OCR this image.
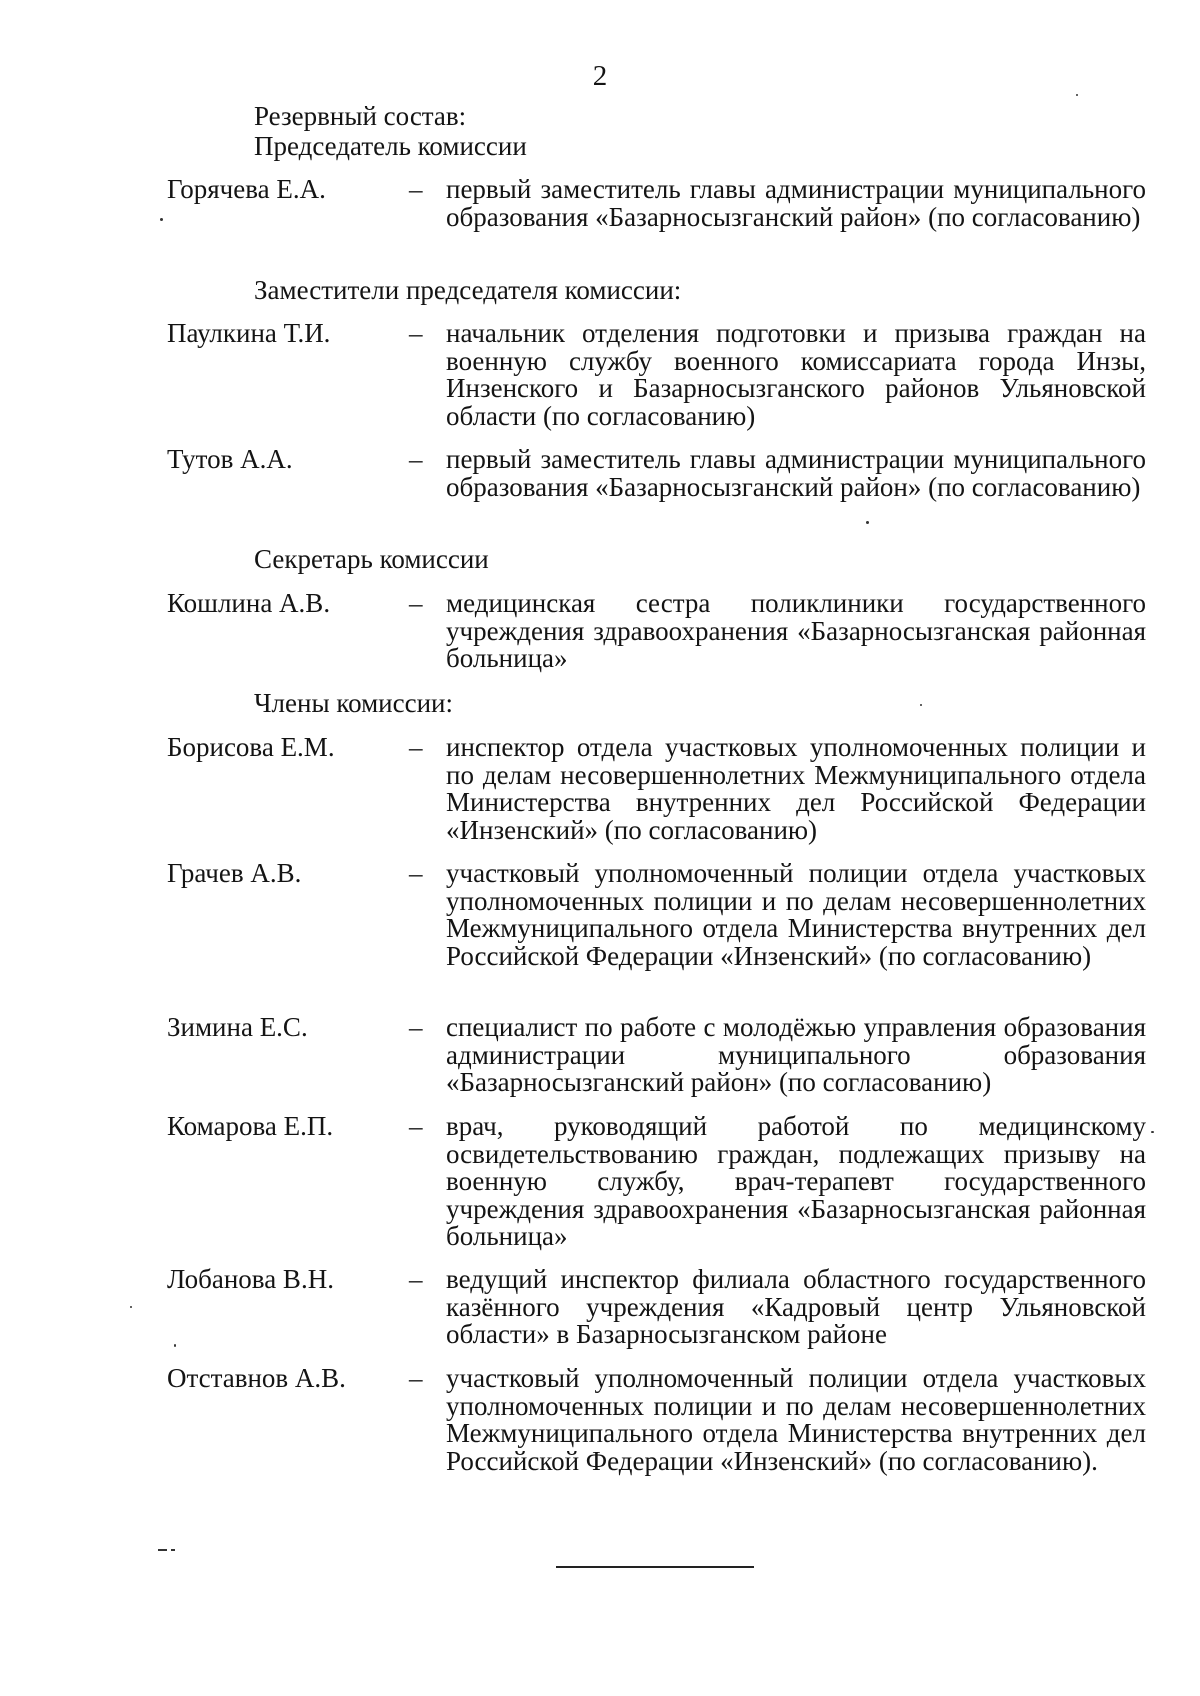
2
Резервный состав:
Председатель комиссии
Горячева Е.А.	– первый заместитель главы администрации муниципального образования «Базарносызганский район» (по согласованию)
Заместители председателя комиссии:
Паулкина Т.И.	– начальник отделения подготовки и призыва граждан на военную службу военного комиссариата города Инзы, Инзенского и Базарносызганского районов Ульяновской области (по согласованию)
Тутов А.А.	– первый заместитель главы администрации муниципального образования «Базарносызганский район» (по согласованию)
Секретарь комиссии
Кошлина А.В.	– медицинская сестра поликлиники государственного учреждения здравоохранения «Базарносызганская районная больница»
Члены комиссии:
Борисова Е.М.	– инспектор отдела участковых уполномоченных полиции и по делам несовершеннолетних Межмуниципального отдела Министерства внутренних дел Российской Федерации «Инзенский» (по согласованию)
Грачев А.В.	– участковый уполномоченный полиции отдела участковых уполномоченных полиции и по делам несовершеннолетних Межмуниципального отдела Министерства внутренних дел Российской Федерации «Инзенский» (по согласованию)
Зимина Е.С.	– специалист по работе с молодёжью управления образования администрации муниципального образования «Базарносызганский район» (по согласованию)
Комарова Е.П.	– врач, руководящий работой по медицинскому освидетельствованию граждан, подлежащих призыву на военную службу, врач-терапевт государственного учреждения здравоохранения «Базарносызганская районная больница»
Лобанова В.Н.	– ведущий инспектор филиала областного государственного казённого учреждения «Кадровый центр Ульяновской области» в Базарносызганском районе
Отставнов А.В. – участковый уполномоченный полиции отдела участковых уполномоченных полиции и по делам несовершеннолетних Межмуниципального отдела Министерства внутренних дел Российской Федерации «Инзенский» (по согласованию).
